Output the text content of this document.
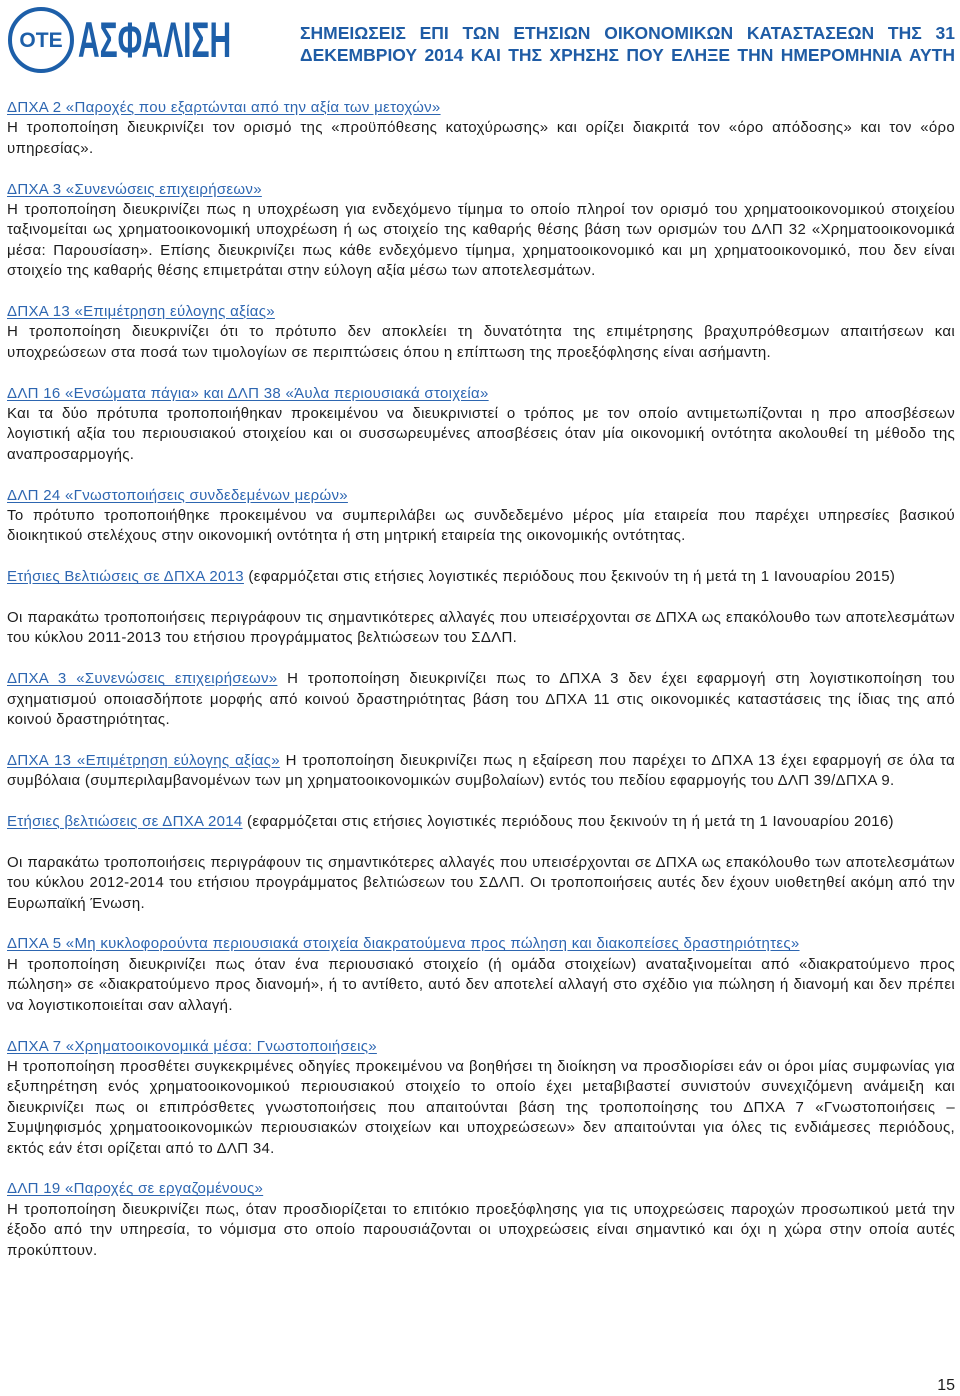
ΟΤΕ ΑΣΦΑΛΙΣΗ	ΣΗΜΕΙΩΣΕΙΣ ΕΠΙ ΤΩΝ ΕΤΗΣΙΩΝ ΟΙΚΟΝΟΜΙΚΩΝ ΚΑΤΑΣΤΑΣΕΩΝ ΤΗΣ 31
ΔΕΚΕΜΒΡΙΟΥ 2014 ΚΑΙ ΤΗΣ ΧΡΗΣΗΣ ΠΟΥ ΕΛΗΞΕ ΤΗΝ ΗΜΕΡΟΜΗΝΙΑ ΑΥΤΗ
ΔΠΧΑ 2 «Παροχές που εξαρτώνται από την αξία των μετοχών»
Η τροποποίηση διευκρινίζει τον ορισμό της «προϋπόθεσης κατοχύρωσης» και ορίζει διακριτά τον «όρο απόδοσης» και τον «όρο υπηρεσίας».
ΔΠΧΑ 3 «Συνενώσεις επιχειρήσεων»
Η τροποποίηση διευκρινίζει πως η υποχρέωση για ενδεχόμενο τίμημα το οποίο πληροί τον ορισμό του χρηματοοικονομικού στοιχείου ταξινομείται ως χρηματοοικονομική υποχρέωση ή ως στοιχείο της καθαρής θέσης βάση των ορισμών του ΔΛΠ 32 «Χρηματοοικονομικά μέσα: Παρουσίαση». Επίσης διευκρινίζει πως κάθε ενδεχόμενο τίμημα, χρηματοοικονομικό και μη χρηματοοικονομικό, που δεν είναι στοιχείο της καθαρής θέσης επιμετράται στην εύλογη αξία μέσω των αποτελεσμάτων.
ΔΠΧΑ 13 «Επιμέτρηση εύλογης αξίας»
Η τροποποίηση διευκρινίζει ότι το πρότυπο δεν αποκλείει τη δυνατότητα της επιμέτρησης βραχυπρόθεσμων απαιτήσεων και υποχρεώσεων στα ποσά των τιμολογίων σε περιπτώσεις όπου η επίπτωση της προεξόφλησης είναι ασήμαντη.
ΔΛΠ 16 «Ενσώματα πάγια» και ΔΛΠ 38 «Άυλα περιουσιακά στοιχεία»
Και τα δύο πρότυπα τροποποιήθηκαν προκειμένου να διευκρινιστεί ο τρόπος με τον οποίο αντιμετωπίζονται η προ αποσβέσεων λογιστική αξία του περιουσιακού στοιχείου και οι συσσωρευμένες αποσβέσεις όταν μία οικονομική οντότητα ακολουθεί τη μέθοδο της αναπροσαρμογής.
ΔΛΠ 24 «Γνωστοποιήσεις συνδεδεμένων μερών»
Το πρότυπο τροποποιήθηκε προκειμένου να συμπεριλάβει ως συνδεδεμένο μέρος μία εταιρεία που παρέχει υπηρεσίες βασικού διοικητικού στελέχους στην οικονομική οντότητα ή στη μητρική εταιρεία της οικονομικής οντότητας.
Ετήσιες Βελτιώσεις σε ΔΠΧΑ 2013 (εφαρμόζεται στις ετήσιες λογιστικές περιόδους που ξεκινούν τη ή μετά τη 1 Ιανουαρίου 2015)
Οι παρακάτω τροποποιήσεις περιγράφουν τις σημαντικότερες αλλαγές που υπεισέρχονται σε ΔΠΧΑ ως επακόλουθο των αποτελεσμάτων του κύκλου 2011-2013 του ετήσιου προγράμματος βελτιώσεων του ΣΔΛΠ.
ΔΠΧΑ 3 «Συνενώσεις επιχειρήσεων» Η τροποποίηση διευκρινίζει πως το ΔΠΧΑ 3 δεν έχει εφαρμογή στη λογιστικοποίηση του σχηματισμού οποιασδήποτε μορφής από κοινού δραστηριότητας βάση του ΔΠΧΑ 11 στις οικονομικές καταστάσεις της ίδιας της από κοινού δραστηριότητας.
ΔΠΧΑ 13 «Επιμέτρηση εύλογης αξίας» Η τροποποίηση διευκρινίζει πως η εξαίρεση που παρέχει το ΔΠΧΑ 13 έχει εφαρμογή σε όλα τα συμβόλαια (συμπεριλαμβανομένων των μη χρηματοοικονομικών συμβολαίων) εντός του πεδίου εφαρμογής του ΔΛΠ 39/ΔΠΧΑ 9.
Ετήσιες βελτιώσεις σε ΔΠΧΑ 2014 (εφαρμόζεται στις ετήσιες λογιστικές περιόδους που ξεκινούν τη ή μετά τη 1 Ιανουαρίου 2016)
Οι παρακάτω τροποποιήσεις περιγράφουν τις σημαντικότερες αλλαγές που υπεισέρχονται σε ΔΠΧΑ ως επακόλουθο των αποτελεσμάτων του κύκλου 2012-2014 του ετήσιου προγράμματος βελτιώσεων του ΣΔΛΠ. Οι τροποποιήσεις αυτές δεν έχουν υιοθετηθεί ακόμη από την Ευρωπαϊκή Ένωση.
ΔΠΧΑ 5 «Μη κυκλοφορούντα περιουσιακά στοιχεία διακρατούμενα προς πώληση και διακοπείσες δραστηριότητες»
Η τροποποίηση διευκρινίζει πως όταν ένα περιουσιακό στοιχείο (ή ομάδα στοιχείων) αναταξινομείται από «διακρατούμενο προς πώληση» σε «διακρατούμενο προς διανομή», ή το αντίθετο, αυτό δεν αποτελεί αλλαγή στο σχέδιο για πώληση ή διανομή και δεν πρέπει να λογιστικοποιείται σαν αλλαγή.
ΔΠΧΑ 7 «Χρηματοοικονομικά μέσα: Γνωστοποιήσεις»
Η τροποποίηση προσθέτει συγκεκριμένες οδηγίες προκειμένου να βοηθήσει τη διοίκηση να προσδιορίσει εάν οι όροι μίας συμφωνίας για εξυπηρέτηση ενός χρηματοοικονομικού περιουσιακού στοιχείο το οποίο έχει μεταβιβαστεί συνιστούν συνεχιζόμενη ανάμειξη και διευκρινίζει πως οι επιπρόσθετες γνωστοποιήσεις που απαιτούνται βάση της τροποποίησης του ΔΠΧΑ 7 «Γνωστοποιήσεις – Συμψηφισμός χρηματοοικονομικών περιουσιακών στοιχείων και υποχρεώσεων» δεν απαιτούνται για όλες τις ενδιάμεσες περιόδους, εκτός εάν έτσι ορίζεται από το ΔΛΠ 34.
ΔΛΠ 19 «Παροχές σε εργαζομένους»
Η τροποποίηση διευκρινίζει πως, όταν προσδιορίζεται το επιτόκιο προεξόφλησης για τις υποχρεώσεις παροχών προσωπικού μετά την έξοδο από την υπηρεσία, το νόμισμα στο οποίο παρουσιάζονται οι υποχρεώσεις είναι σημαντικό και όχι η χώρα στην οποία αυτές προκύπτουν.
15
